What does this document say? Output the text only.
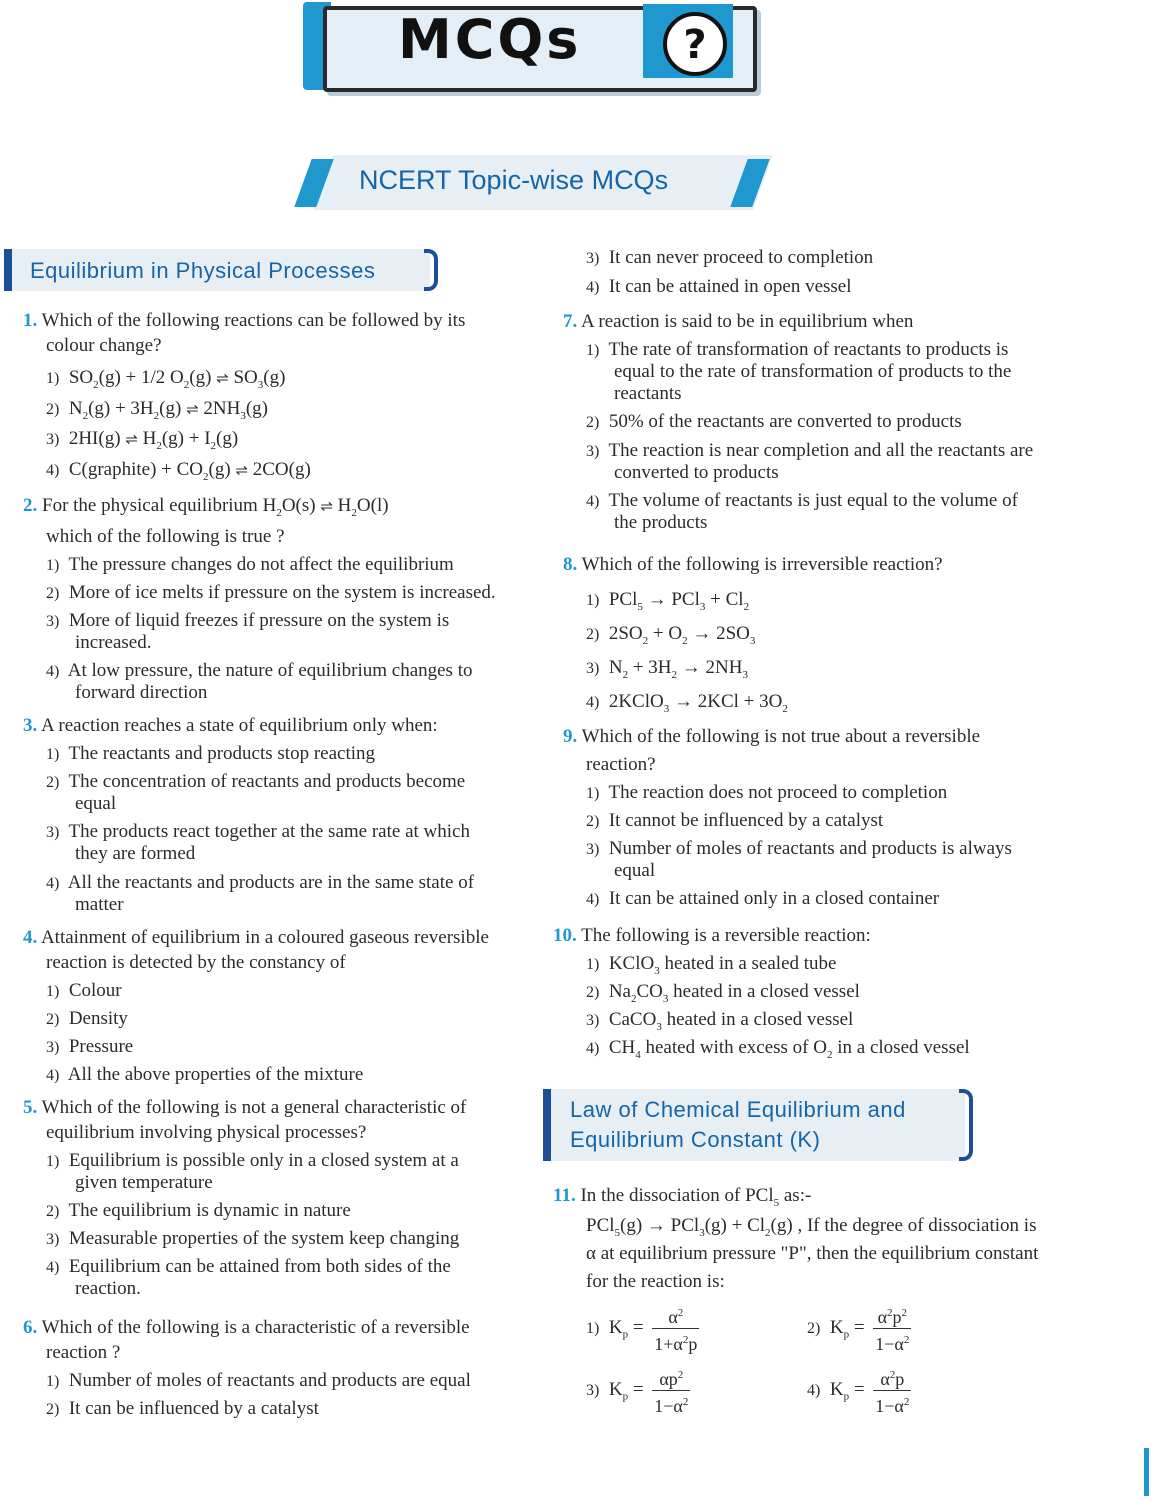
MCQs	?
NCERT Topic-wise MCQs
Equilibrium in Physical Processes
1. Which of the following reactions can be followed by its
colour change?
1)  $SO_2(g) + 1/2$ $O_2(g)$ ⇌ $SO_3(g)$
2)  $N_2(g) + 3H_2(g)$ ⇌ $2NH_3(g)$
3)  2HI(g) ⇌ $H_2(g) + I_2(g)$
4)  C(graphite) + $CO_2(g)$ ⇌ 2CO(g)
2. For the physical equilibrium $H_2O(s)$ ⇌ $H_2O(l)$
which of the following is true ?
1) The pressure changes do not affect the equilibrium
2) More of ice melts if pressure on the system is increased.
3) More of liquid freezes if pressure on the system is
increased.
4) At low pressure, the nature of equilibrium changes to
forward direction
3. A reaction reaches a state of equilibrium only when:
1) The reactants and products stop reacting
2) The concentration of reactants and products become
equal
3) The products react together at the same rate at which
they are formed
4) All the reactants and products are in the same state of
matter
4. Attainment of equilibrium in a coloured gaseous reversible
reaction is detected by the constancy of
1) Colour
2) Density
3) Pressure
4) All the above properties of the mixture
5. Which of the following is not a general characteristic of
equilibrium involving physical processes?
1) Equilibrium is possible only in a closed system at a
given temperature
2) The equilibrium is dynamic in nature
3) Measurable properties of the system keep changing
4) Equilibrium can be attained from both sides of the
reaction.
6. Which of the following is a characteristic of a reversible
reaction ?
1) Number of moles of reactants and products are equal
2) It can be influenced by a catalyst
3) It can never proceed to completion
4) It can be attained in open vessel
7. A reaction is said to be in equilibrium when
1) The rate of transformation of reactants to products is
equal to the rate of transformation of products to the
reactants
2) 50% of the reactants are converted to products
3) The reaction is near completion and all the reactants are
converted to products
4) The volume of reactants is just equal to the volume of
the products
8. Which of the following is irreversible reaction?
1)  $PCl_5 \to PCl_3 + Cl_2$
2)  $2SO_2 + O_2 \to 2SO_3$
3)  $N_2 + 3H_2 \to 2NH_3$
4)  2KClO$_3$ → $2KCl + 3O_2$
9. Which of the following is not true about a reversible
reaction?
1) The reaction does not proceed to completion
2) It cannot be influenced by a catalyst
3) Number of moles of reactants and products is always
equal
4) It can be attained only in a closed container
10. The following is a reversible reaction:
1)  KClO$_3$ heated in a sealed tube
2)  $Na_2CO_3$ heated in a closed vessel
3)  CaCO$_3$ heated in a closed vessel
4)  $CH_4$ heated with excess of $O_2$ in a closed vessel
Law of Chemical Equilibrium and
Equilibrium Constant (K)
11. In the dissociation of PCl$_5$ as:-
$PCl_5(g) \to PCl_3(g) + Cl_2(g)$ , If the degree of dissociation is
α at equilibrium pressure "P", then the equilibrium constant
for the reaction is:
1)  $K_p = \frac{\alpha^2}{1+\alpha^2p}$	2)  $K_p = \frac{\alpha^2p^2}{1-\alpha^2}$
3)  $K_p = \frac{\alpha p^2}{1-\alpha^2}$	4)  $K_p = \frac{\alpha^2p}{1-\alpha^2}$
